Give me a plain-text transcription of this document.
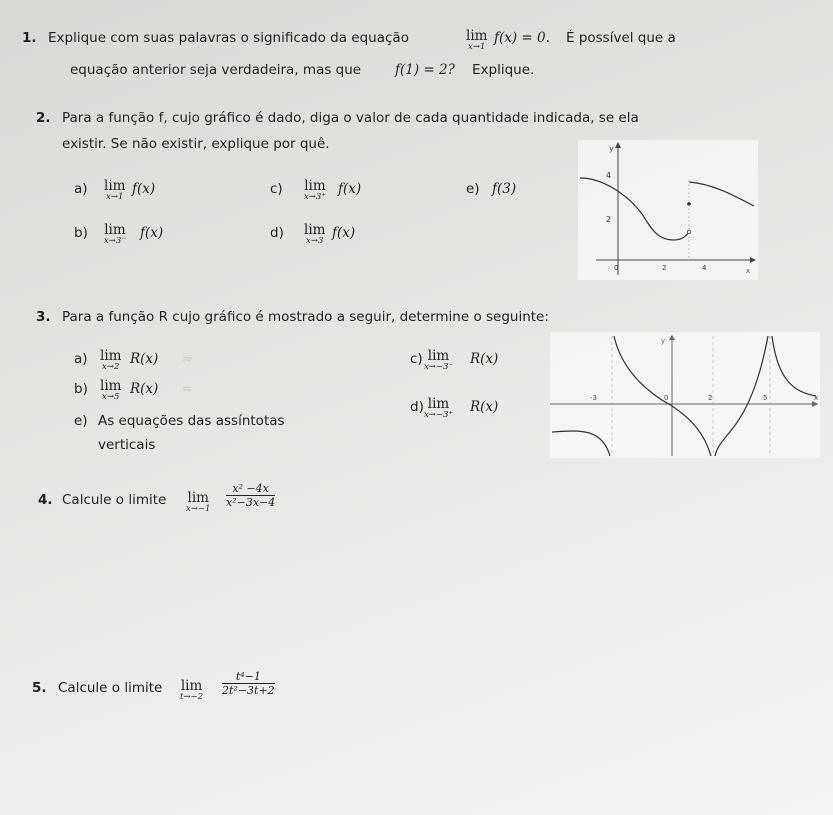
1. Explique com suas palavras o significado da equação	lim
x→1
f(x) = 0. É possível que a
equação anterior seja verdadeira, mas que	f(1) = 2? Explique.
2. Para a função f, cujo gráfico é dado, diga o valor de cada quantidade indicada, se ela
existir. Se não existir, explique por quê.
a) lim
x→1 f(x)	c) lim
x→3⁺ f(x)	e) f(3)
b) lim
x→3⁻ f(x)	d) lim
x→3 f(x)
y
x
4
2
0	2	4
3. Para a função R cujo gráfico é mostrado a seguir, determine o seguinte:
a) lim
x→2 R(x) ≈	c) lim
x→−3⁻ R(x)
b) lim
x→5 R(x) ≈
d) lim
x→−3⁺ R(x)
e) As equações das assíntotas
verticais
y
-3	0	2	5	x
4. Calcule o limite lim
$x\to-1 \frac{\text{x² −4x}}{\text{x²−3x−4}}$
5. Calcule o limite lim
$t\to-2 \frac{\text{t⁴−1}}{\text{2t²−3t+2}}$
